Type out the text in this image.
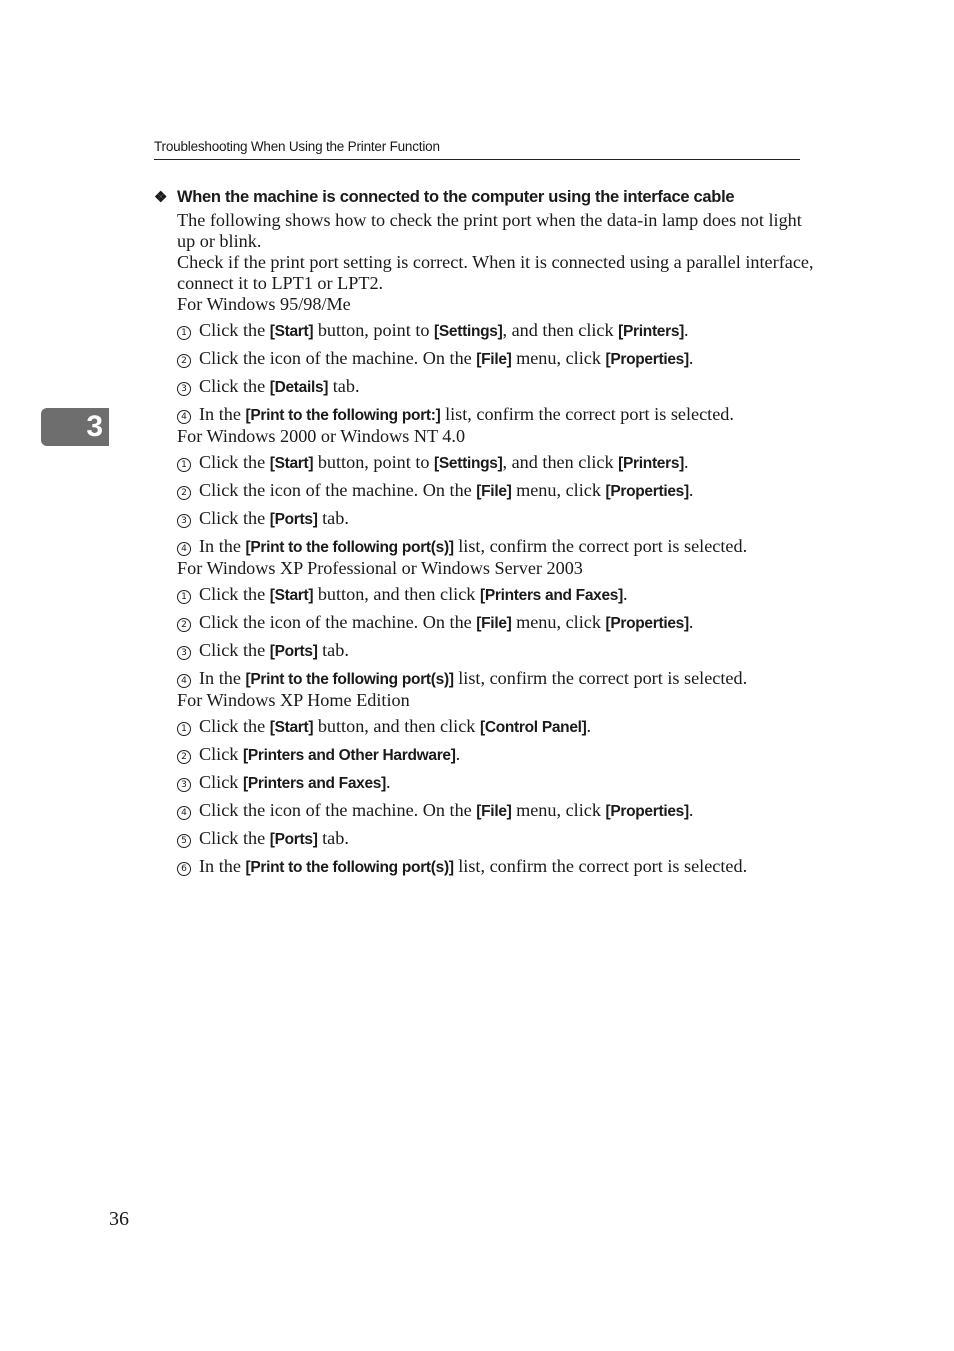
Troubleshooting When Using the Printer Function
3
❖ When the machine is connected to the computer using the interface cable
The following shows how to check the print port when the data-in lamp does not light up or blink.
Check if the print port setting is correct. When it is connected using a parallel interface, connect it to LPT1 or LPT2.
For Windows 95/98/Me
1 Click the [Start] button, point to [Settings], and then click [Printers].
2 Click the icon of the machine. On the [File] menu, click [Properties].
3 Click the [Details] tab.
4 In the [Print to the following port:] list, confirm the correct port is selected.
For Windows 2000 or Windows NT 4.0
1 Click the [Start] button, point to [Settings], and then click [Printers].
2 Click the icon of the machine. On the [File] menu, click [Properties].
3 Click the [Ports] tab.
4 In the [Print to the following port(s)] list, confirm the correct port is selected.
For Windows XP Professional or Windows Server 2003
1 Click the [Start] button, and then click [Printers and Faxes].
2 Click the icon of the machine. On the [File] menu, click [Properties].
3 Click the [Ports] tab.
4 In the [Print to the following port(s)] list, confirm the correct port is selected.
For Windows XP Home Edition
1 Click the [Start] button, and then click [Control Panel].
2 Click [Printers and Other Hardware].
3 Click [Printers and Faxes].
4 Click the icon of the machine. On the [File] menu, click [Properties].
5 Click the [Ports] tab.
6 In the [Print to the following port(s)] list, confirm the correct port is selected.
36
